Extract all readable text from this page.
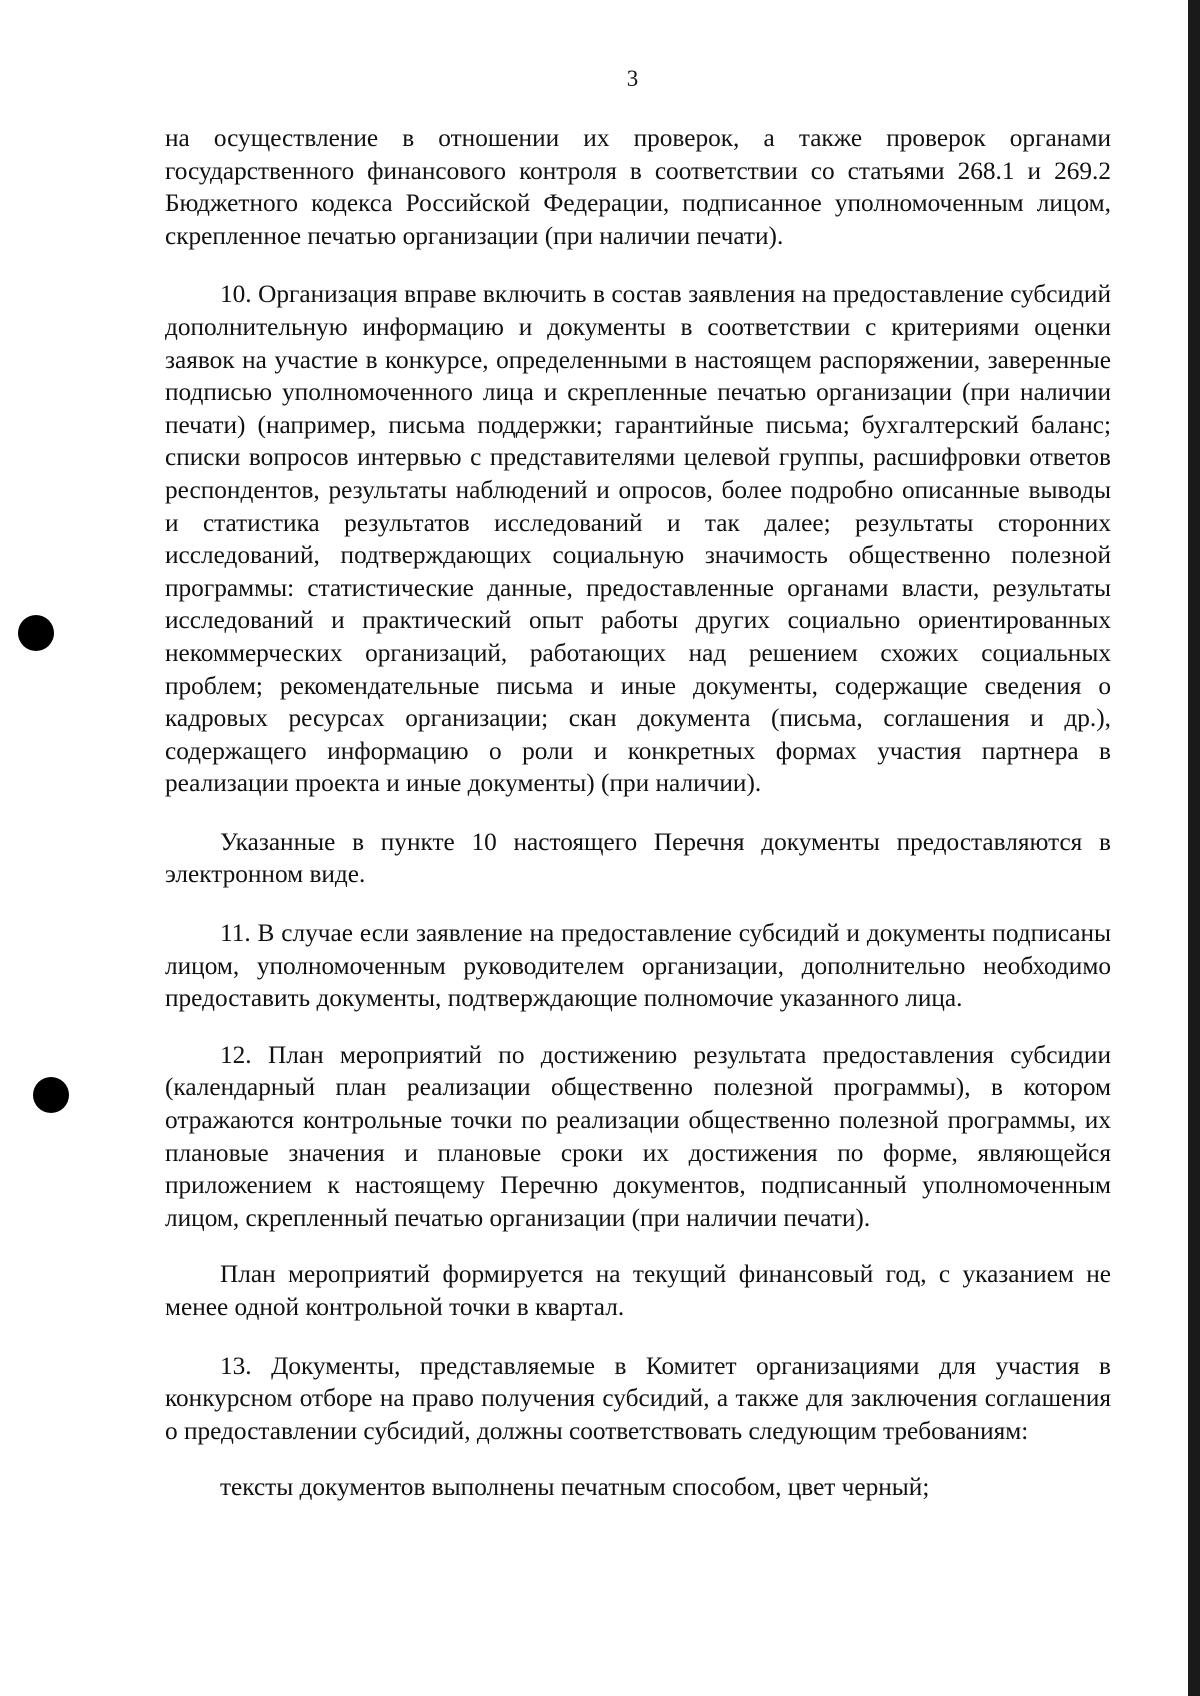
3

на осуществление в отношении их проверок, а также проверок органами государственного финансового контроля в соответствии со статьями 268.1 и 269.2 Бюджетного кодекса Российской Федерации, подписанное уполномоченным лицом, скрепленное печатью организации (при наличии печати).

10. Организация вправе включить в состав заявления на предоставление субсидий дополнительную информацию и документы в соответствии с критериями оценки заявок на участие в конкурсе, определенными в настоящем распоряжении, заверенные подписью уполномоченного лица и скрепленные печатью организации (при наличии печати) (например, письма поддержки; гарантийные письма; бухгалтерский баланс; списки вопросов интервью с представителями целевой группы, расшифровки ответов респондентов, результаты наблюдений и опросов, более подробно описанные выводы и статистика результатов исследований и так далее; результаты сторонних исследований, подтверждающих социальную значимость общественно полезной программы: статистические данные, предоставленные органами власти, результаты исследований и практический опыт работы других социально ориентированных некоммерческих организаций, работающих над решением схожих социальных проблем; рекомендательные письма и иные документы, содержащие сведения о кадровых ресурсах организации; скан документа (письма, соглашения и др.), содержащего информацию о роли и конкретных формах участия партнера в реализации проекта и иные документы) (при наличии).

Указанные в пункте 10 настоящего Перечня документы предоставляются в электронном виде.

11. В случае если заявление на предоставление субсидий и документы подписаны лицом, уполномоченным руководителем организации, дополнительно необходимо предоставить документы, подтверждающие полномочие указанного лица.

12. План мероприятий по достижению результата предоставления субсидии (календарный план реализации общественно полезной программы), в котором отражаются контрольные точки по реализации общественно полезной программы, их плановые значения и плановые сроки их достижения по форме, являющейся приложением к настоящему Перечню документов, подписанный уполномоченным лицом, скрепленный печатью организации (при наличии печати).

План мероприятий формируется на текущий финансовый год, с указанием не менее одной контрольной точки в квартал.

13. Документы, представляемые в Комитет организациями для участия в конкурсном отборе на право получения субсидий, а также для заключения соглашения о предоставлении субсидий, должны соответствовать следующим требованиям:

тексты документов выполнены печатным способом, цвет черный;
